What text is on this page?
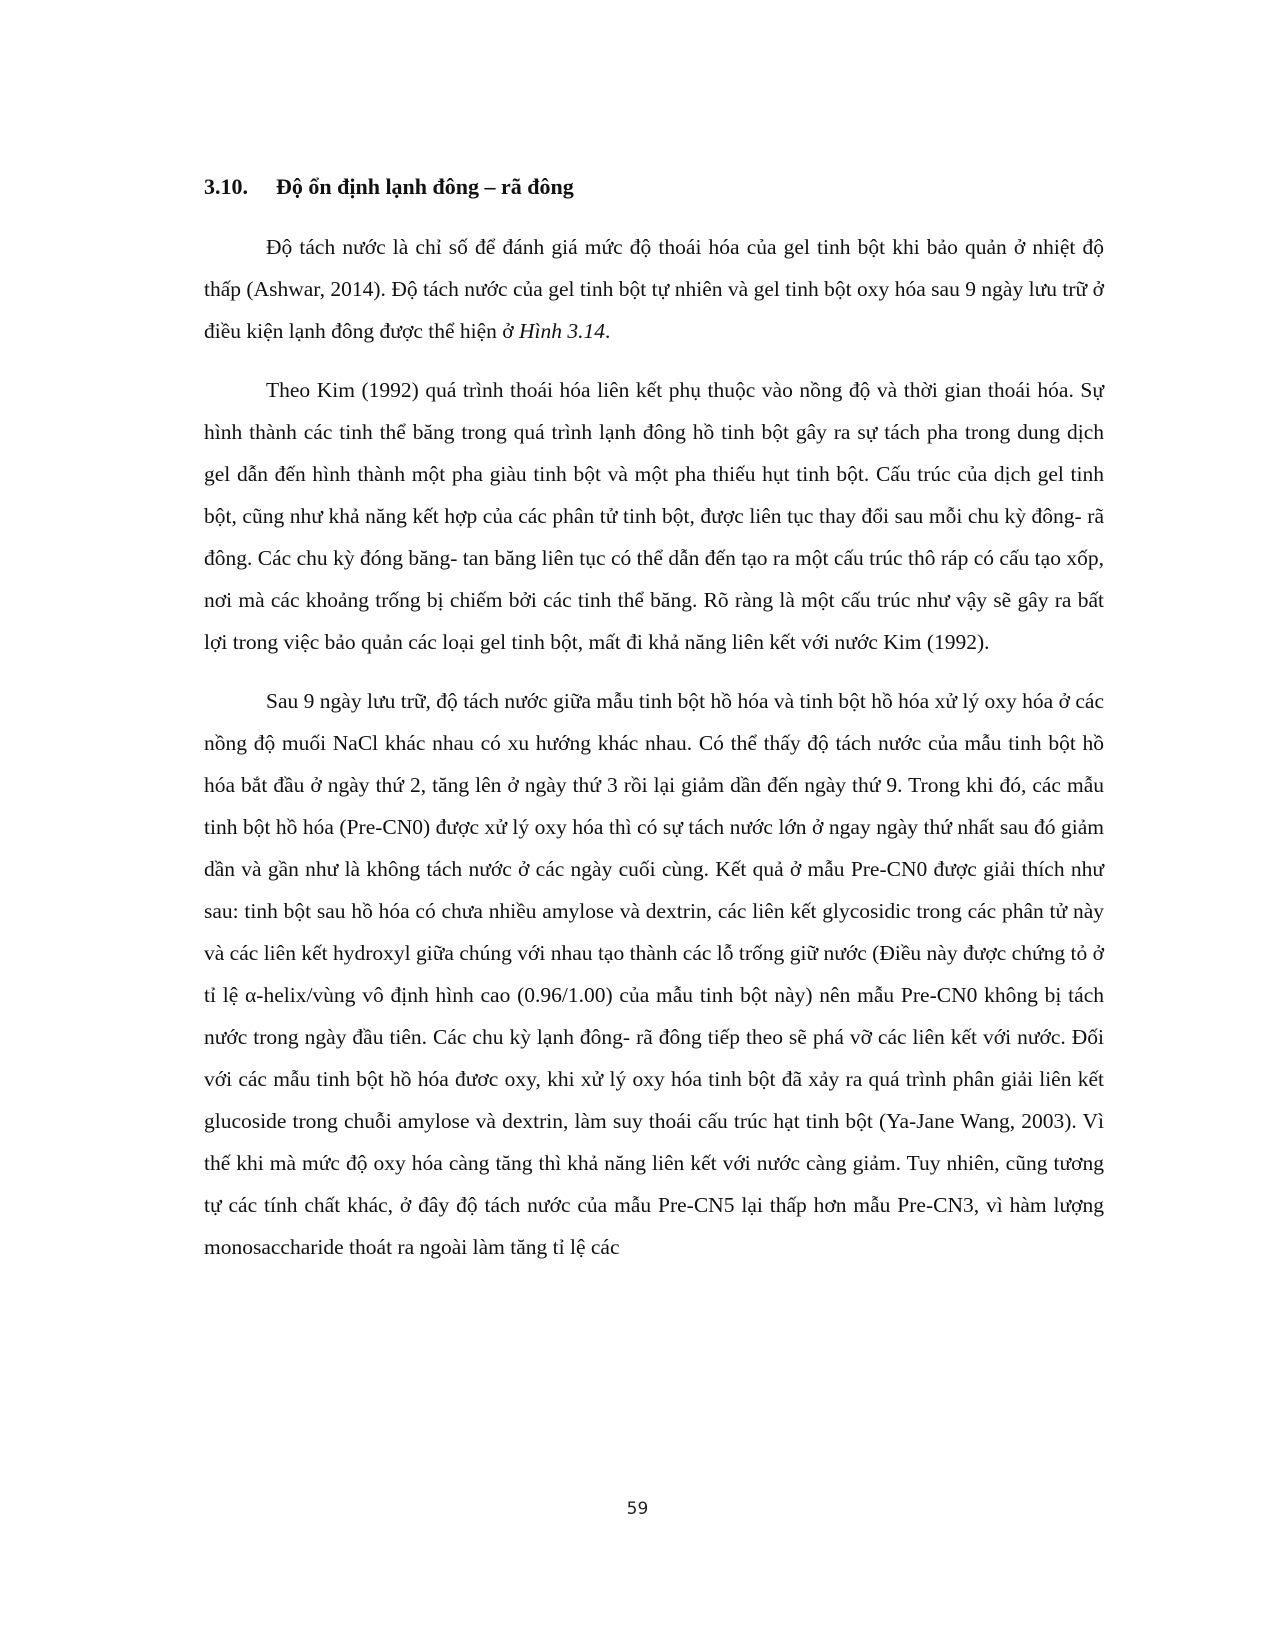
3.10. Độ ổn định lạnh đông – rã đông

Độ tách nước là chỉ số để đánh giá mức độ thoái hóa của gel tinh bột khi bảo quản ở nhiệt độ thấp (Ashwar, 2014). Độ tách nước của gel tinh bột tự nhiên và gel tinh bột oxy hóa sau 9 ngày lưu trữ ở điều kiện lạnh đông được thể hiện ở Hình 3.14.

Theo Kim (1992) quá trình thoái hóa liên kết phụ thuộc vào nồng độ và thời gian thoái hóa. Sự hình thành các tinh thể băng trong quá trình lạnh đông hồ tinh bột gây ra sự tách pha trong dung dịch gel dẫn đến hình thành một pha giàu tinh bột và một pha thiếu hụt tinh bột. Cấu trúc của dịch gel tinh bột, cũng như khả năng kết hợp của các phân tử tinh bột, được liên tục thay đổi sau mỗi chu kỳ đông- rã đông. Các chu kỳ đóng băng- tan băng liên tục có thể dẫn đến tạo ra một cấu trúc thô ráp có cấu tạo xốp, nơi mà các khoảng trống bị chiếm bởi các tinh thể băng. Rõ ràng là một cấu trúc như vậy sẽ gây ra bất lợi trong việc bảo quản các loại gel tinh bột, mất đi khả năng liên kết với nước Kim (1992).

Sau 9 ngày lưu trữ, độ tách nước giữa mẫu tinh bột hồ hóa và tinh bột hồ hóa xử lý oxy hóa ở các nồng độ muối NaCl khác nhau có xu hướng khác nhau. Có thể thấy độ tách nước của mẫu tinh bột hồ hóa bắt đầu ở ngày thứ 2, tăng lên ở ngày thứ 3 rồi lại giảm dần đến ngày thứ 9. Trong khi đó, các mẫu tinh bột hồ hóa (Pre-CN0) được xử lý oxy hóa thì có sự tách nước lớn ở ngay ngày thứ nhất sau đó giảm dần và gần như là không tách nước ở các ngày cuối cùng. Kết quả ở mẫu Pre-CN0 được giải thích như sau: tinh bột sau hồ hóa có chưa nhiều amylose và dextrin, các liên kết glycosidic trong các phân tử này và các liên kết hydroxyl giữa chúng với nhau tạo thành các lỗ trống giữ nước (Điều này được chứng tỏ ở tỉ lệ α-helix/vùng vô định hình cao (0.96/1.00) của mẫu tinh bột này) nên mẫu Pre-CN0 không bị tách nước trong ngày đầu tiên. Các chu kỳ lạnh đông- rã đông tiếp theo sẽ phá vỡ các liên kết với nước. Đối với các mẫu tinh bột hồ hóa đươc oxy, khi xử lý oxy hóa tinh bột đã xảy ra quá trình phân giải liên kết glucoside trong chuỗi amylose và dextrin, làm suy thoái cấu trúc hạt tinh bột (Ya-Jane Wang, 2003). Vì thế khi mà mức độ oxy hóa càng tăng thì khả năng liên kết với nước càng giảm. Tuy nhiên, cũng tương tự các tính chất khác, ở đây độ tách nước của mẫu Pre-CN5 lại thấp hơn mẫu Pre-CN3, vì hàm lượng monosaccharide thoát ra ngoài làm tăng tỉ lệ các

59
